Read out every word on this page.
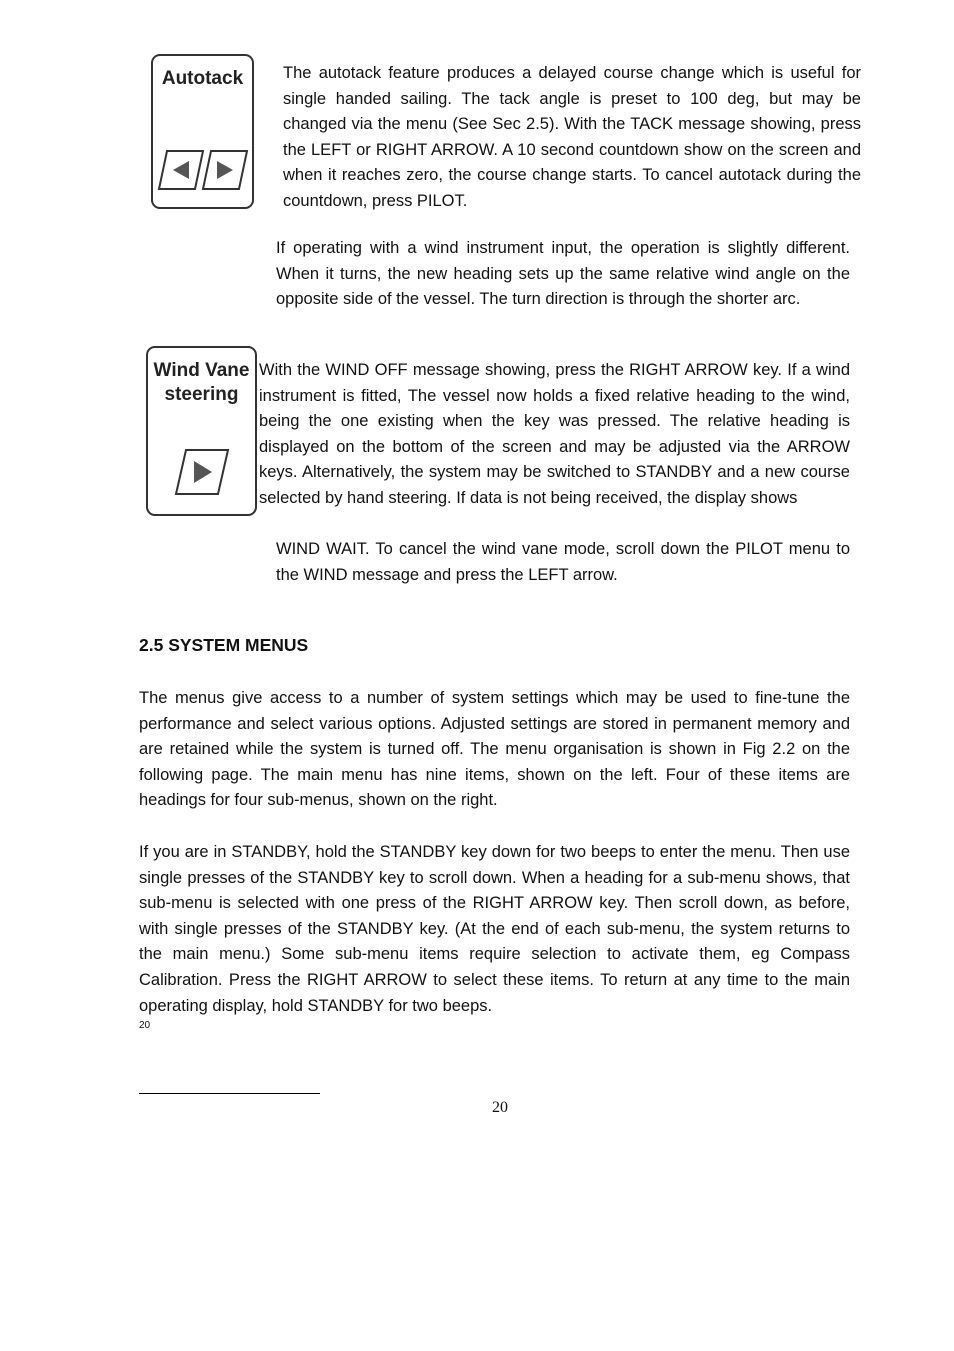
Autotack	The autotack feature produces a delayed course change which is useful for single handed sailing. The tack angle is preset to 100 deg, but may be changed via the menu (See Sec 2.5). With the TACK message showing, press the LEFT or RIGHT ARROW. A 10 second countdown show on the screen and when it reaches zero, the course change starts. To cancel autotack during the countdown, press PILOT.

If operating with a wind instrument input, the operation is slightly different. When it turns, the new heading sets up the same relative wind angle on the opposite side of the vessel. The turn direction is through the shorter arc.

Wind Vane
steering

With the WIND OFF message showing, press the RIGHT ARROW key. If a wind instrument is fitted, The vessel now holds a fixed relative heading to the wind, being the one existing when the key was pressed. The relative heading is displayed on the bottom of the screen and may be adjusted via the ARROW keys. Alternatively, the system may be switched to STANDBY and a new course selected by hand steering. If data is not being received, the display shows

WIND WAIT. To cancel the wind vane mode, scroll down the PILOT menu to the WIND message and press the LEFT arrow.

2.5 SYSTEM MENUS

The menus give access to a number of system settings which may be used to fine-tune the performance and select various options. Adjusted settings are stored in permanent memory and are retained while the system is turned off. The menu organisation is shown in Fig 2.2 on the following page. The main menu has nine items, shown on the left. Four of these items are headings for four sub-menus, shown on the right.

If you are in STANDBY, hold the STANDBY key down for two beeps to enter the menu. Then use single presses of the STANDBY key to scroll down. When a heading for a sub-menu shows, that sub-menu is selected with one press of the RIGHT ARROW key. Then scroll down, as before, with single presses of the STANDBY key. (At the end of each sub-menu, the system returns to the main menu.) Some sub-menu items require selection to activate them, eg Compass Calibration. Press the RIGHT ARROW to select these items. To return at any time to the main operating display, hold STANDBY for two beeps.

20
20
